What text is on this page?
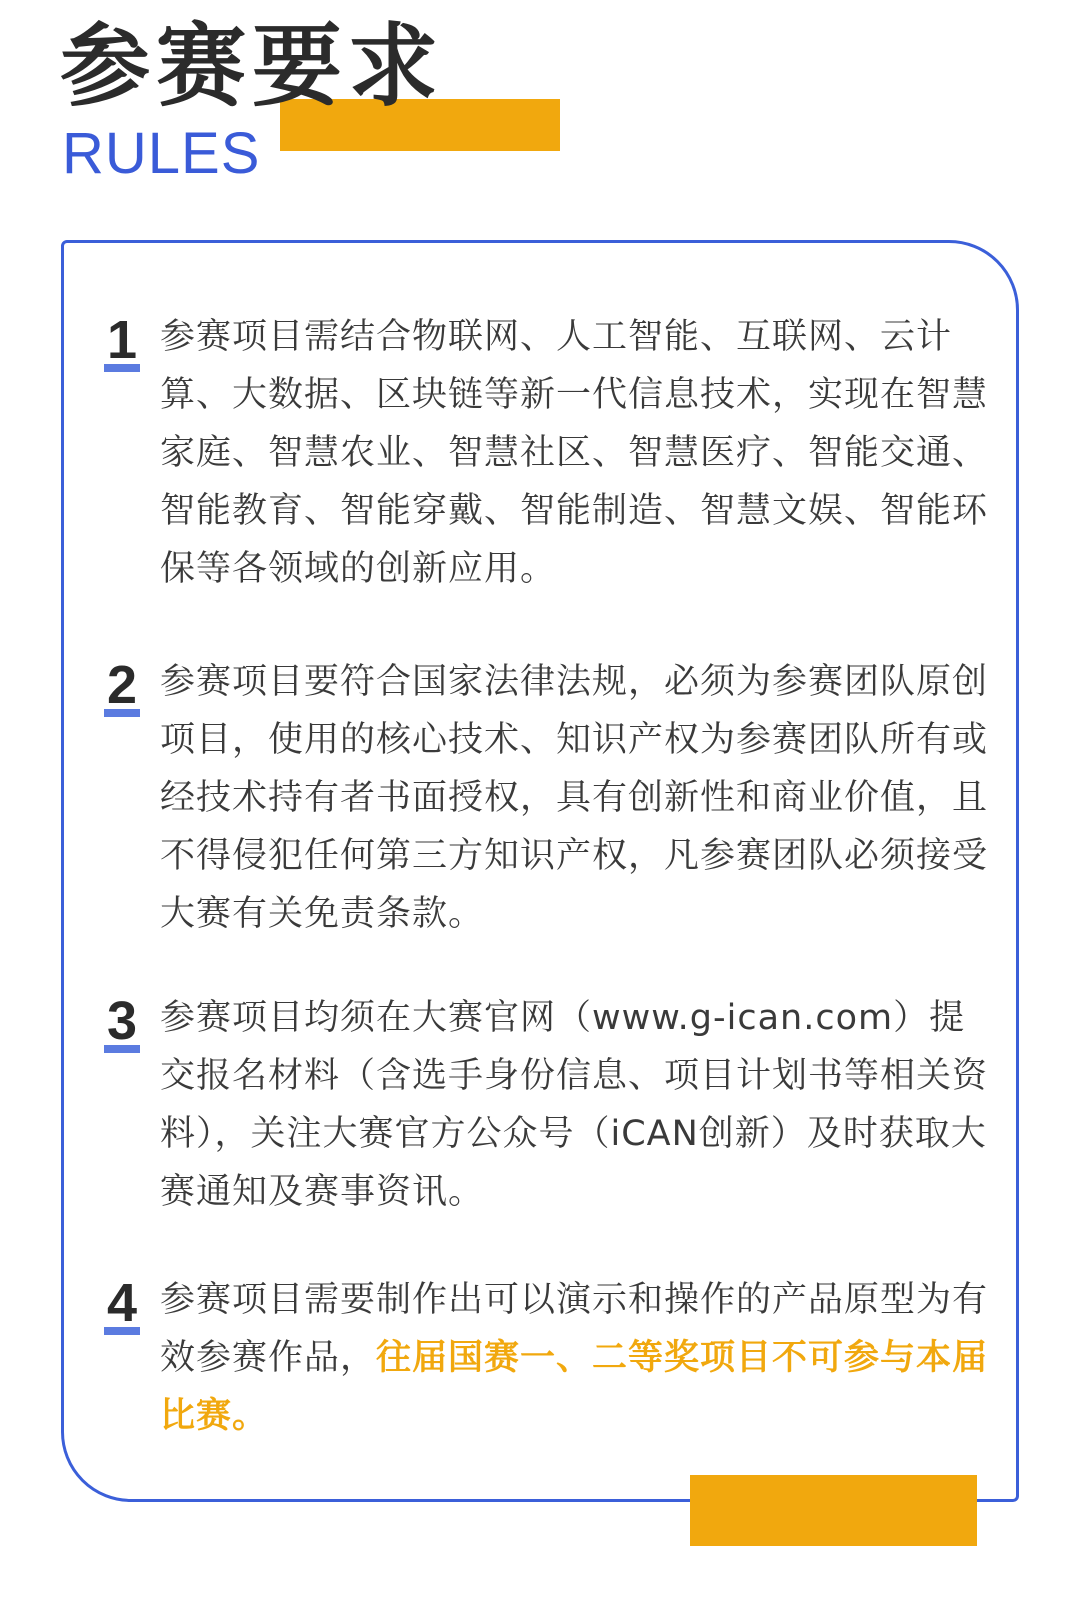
参赛要求
RULES
1 参赛项目需结合物联网、人工智能、互联网、云计算、大数据、区块链等新一代信息技术，实现在智慧家庭、智慧农业、智慧社区、智慧医疗、智能交通、智能教育、智能穿戴、智能制造、智慧文娱、智能环保等各领域的创新应用。
2 参赛项目要符合国家法律法规，必须为参赛团队原创项目，使用的核心技术、知识产权为参赛团队所有或经技术持有者书面授权，具有创新性和商业价值，且不得侵犯任何第三方知识产权，凡参赛团队必须接受大赛有关免责条款。
3 参赛项目均须在大赛官网（www.g-ican.com）提交报名材料（含选手身份信息、项目计划书等相关资料），关注大赛官方公众号（iCAN创新）及时获取大赛通知及赛事资讯。
4 参赛项目需要制作出可以演示和操作的产品原型为有效参赛作品，往届国赛一、二等奖项目不可参与本届比赛。
